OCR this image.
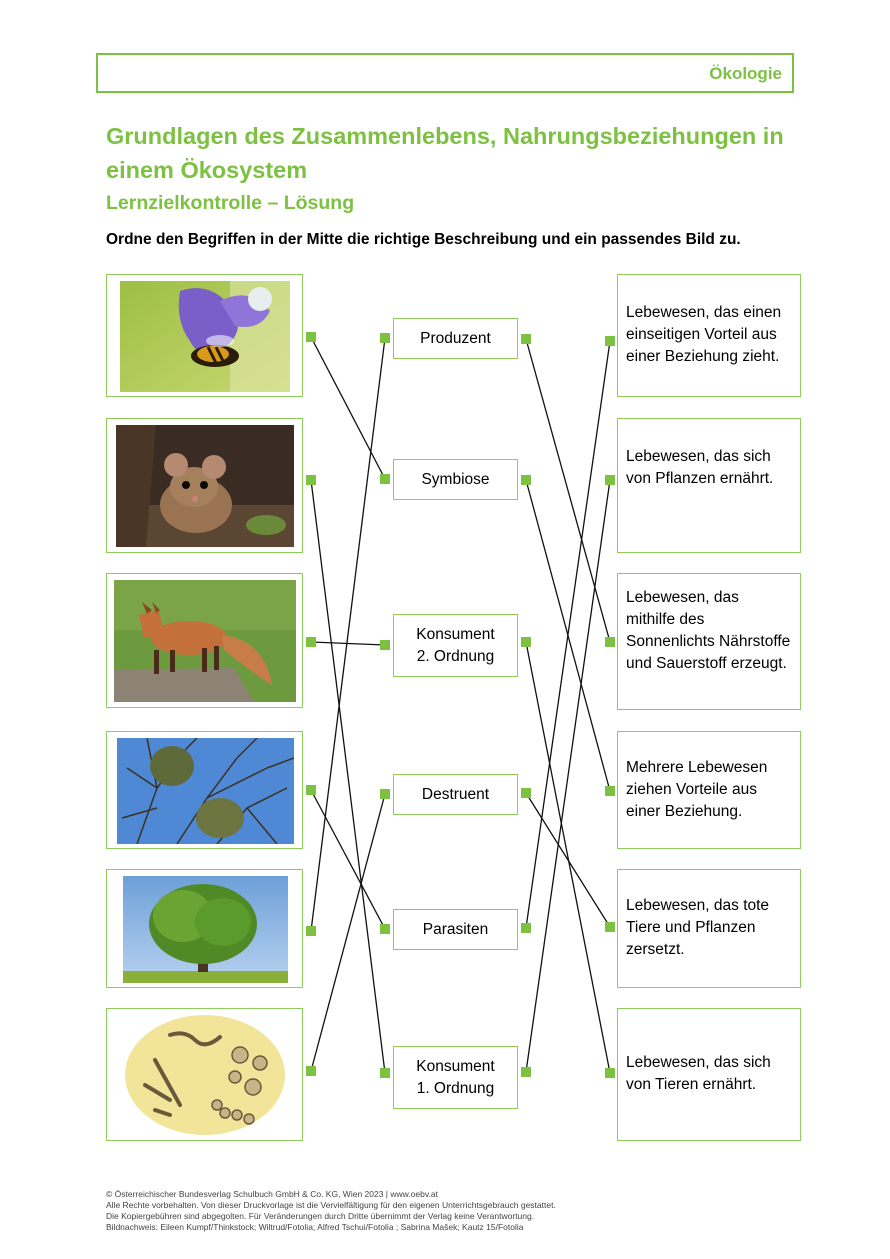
Ökologie
Grundlagen des Zusammenlebens, Nahrungsbeziehungen in einem Ökosystem
Lernzielkontrolle – Lösung
Ordne den Begriffen in der Mitte die richtige Beschreibung und ein passendes Bild zu.
Produzent
Symbiose
Konsument
2. Ordnung
Destruent
Parasiten
Konsument
1. Ordnung
Lebewesen, das einen einseitigen Vorteil aus einer Beziehung zieht.
Lebewesen, das sich von Pflanzen ernährt.
Lebewesen, das mithilfe des Sonnenlichts Nährstoffe und Sauerstoff erzeugt.
Mehrere Lebewesen ziehen Vorteile aus einer Beziehung.
Lebewesen, das tote Tiere und Pflanzen zersetzt.
Lebewesen, das sich von Tieren ernährt.
© Österreichischer Bundesverlag Schulbuch GmbH & Co. KG, Wien 2023 | www.oebv.at
Alle Rechte vorbehalten. Von dieser Druckvorlage ist die Vervielfältigung für den eigenen Unterrichtsgebrauch gestattet.
Die Kopiergebühren sind abgegolten. Für Veränderungen durch Dritte übernimmt der Verlag keine Verantwortung.
Bildnachweis: Eileen Kumpf/Thinkstock; Wiltrud/Fotolia; Alfred Tschui/Fotolia ; Sabrina Mašek; Kautz 15/Fotolia
